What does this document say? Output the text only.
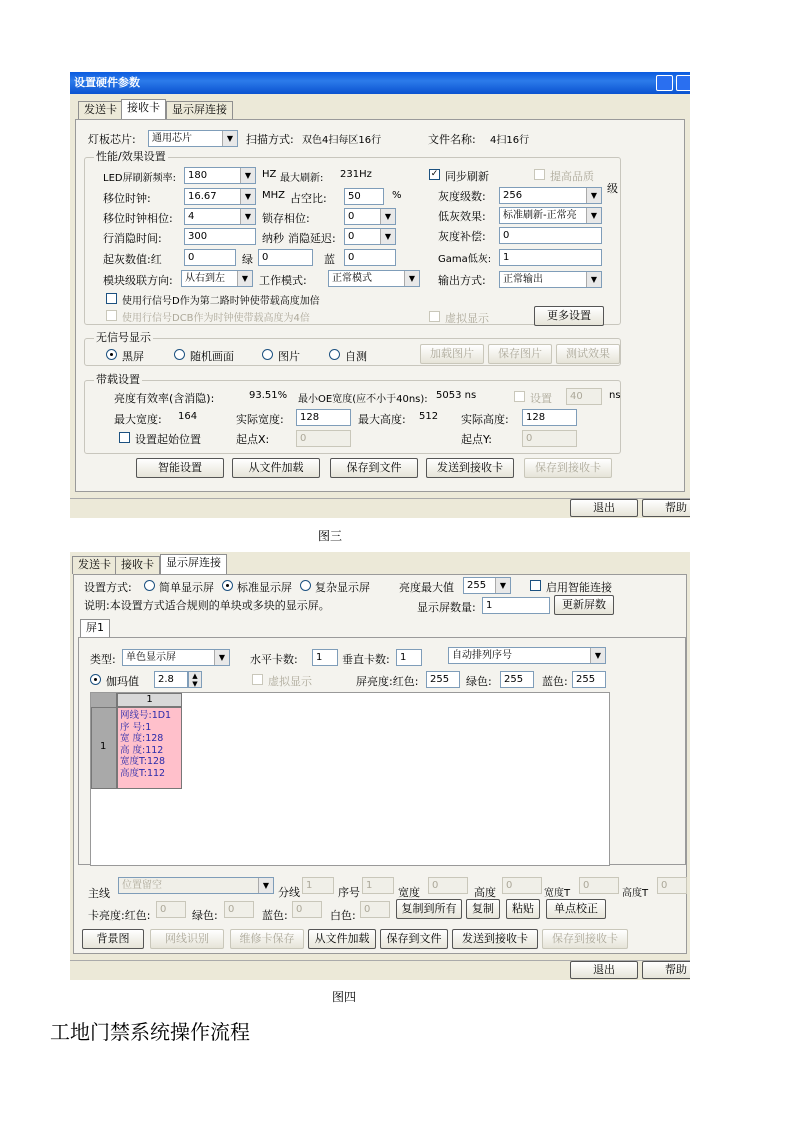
设置硬件参数
发送卡 接收卡	显示屏连接
灯板芯片:	通用芯片 ▼	扫描方式: 双色4扫每区16行	文件名称: 4扫16行
性能/效果设置
LED屏刷新频率:	180 ▼	HZ 最大刷新: 231Hz
移位时钟:	16.67 ▼	MHZ 占空比:	50	%
移位时钟相位:	4 ▼	锁存相位:	0 ▼
行消隐时间:	300	纳秒 消隐延迟:	0 ▼
起灰数值:红	0	绿 0	蓝	0
模块级联方向:	从右到左 ▼	工作模式:	正常模式 ▼
使用行信号D作为第二路时钟使带载高度加倍
使用行信号DCB作为时钟使带载高度为4倍
✓ 同步刷新	提高品质
灰度级数:	256 ▼
级
低灰效果:	标准刷新-正常亮 ▼
灰度补偿:	0
Gama低灰:	1
输出方式:	正常输出 ▼
虚拟显示	更多设置
无信号显示
黑屏	随机画面	图片	自测	加载图片	保存图片	测试效果
带载设置
亮度有效率(含消隐):	93.51% 最小OE宽度(应不小于40ns): 5053 ns	设置	40	ns
最大宽度: 164	实际宽度:	128	最大高度: 512 实际高度:	128
设置起始位置	起点X:	0	起点Y:	0
智能设置	从文件加载	保存到文件	发送到接收卡	保存到接收卡
退出	帮助
图三
发送卡 接收卡	显示屏连接
设置方式: 简单显示屏 标准显示屏 复杂显示屏	亮度最大值	255 ▼	启用智能连接
说明:本设置方式适合规则的单块或多块的显示屏。	显示屏数量:	1	更新屏数
屏1
类型:	单色显示屏 ▼	水平卡数:	1	垂直卡数:	1	自动排列序号 ▼
伽玛值	2.8	▲
▼	虚拟显示	屏亮度:红色:	255	绿色:	255	蓝色: 255
1
1
网线号:1D1
序 号:1
宽 度:128
高 度:112
宽度T:128
高度T:112
主线
位置留空 ▼
分线
1
序号
1
宽度
0
高度
0
宽度T
0
高度T
0
卡亮度:红色: 0	绿色:	0	蓝色: 0	白色: 0	复制到所有	复制	粘贴	单点校正
背景图	网线识别	维修卡保存	从文件加载	保存到文件	发送到接收卡	保存到接收卡
退出	帮助
图四
工地门禁系统操作流程
